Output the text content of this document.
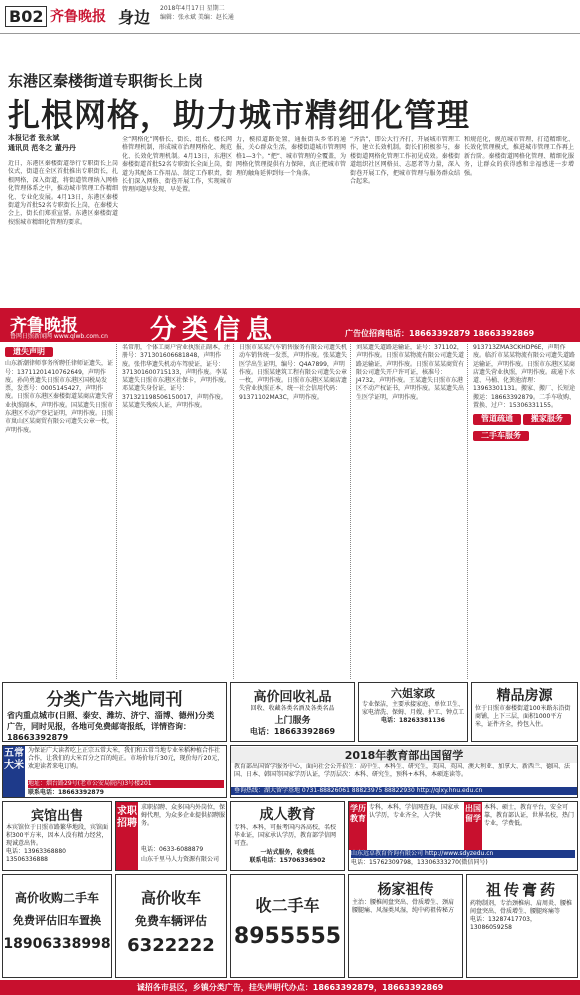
B02 齐鲁晚报 身边 2018年4月17日 星期二
编辑：张永斌 美编：赵长通
东港区秦楼街道专职街长上岗
扎根网格，助力城市精细化管理
本报记者 张永斌
通讯员 范冬之 董丹丹
近日，东港区秦楼街道举行专职街长上岗仪式，街道在全区首批推出专职街长，扎根网格，深入街道，将街道管理纳入网格化管理体系之中，推动城市管理工作精细化、专业化发展。4月13日，东港区秦楼街道为首批52名专职街长上岗，在秦楼大会上，街长们郑重宣誓。东港区秦楼街道按照城市精细化管理的要求。
全“网格化”网格长、街长、组长、楼长网格管理机制，形成城市治理网格化、规范化、长效化管理机制。4月13日，东港区秦楼街道首批52名专职街长全面上岗，街道为其配备工作用品、制定工作职责，街长们深入网格、街巷开展工作，实现城市管理问题早发现、早处置。
力，模拟道路处置，通报街头乡邻的通报，关心群众生活，秦楼街道城市管理网格1—3个。“把”、城市管理的全覆盖，为网格化管理提供有力保障，真正把城市管理的触角延伸到每一个角落。
“齐活”，即公大行齐打，开展城市管理工作，建立长效机制。街长们积极参与，秦楼街道网格化管理工作初见成效。秦楼街道组织社区网格员、志愿者等力量，深入街巷开展工作，把城市管理与服务群众结合起来。
和规范化，规范城市管理，打造精细化、长效化管理模式，推进城市管理工作再上新台阶。秦楼街道网格化管理、精细化服务，让群众的获得感和幸福感进一步增强。
齐鲁晚报
鲁网日照新闻网 www.qlwb.com.cn 分类信息	广告位招商电话：18663392879 18663392869
遗失声明

山东新潮律师事务所聘任律师证遗失，证号：13711201410762649，声明作废。孙尚勇遗失日照市东港区国税局发票，发票号：0005145427，声明作废。日照市东港区秦楼街道某商店遗失营业执照副本，声明作废。国某遗失日照市东港区不动产登记证明，声明作废。日照市岚山区某商贸有限公司遗失公章一枚，声明作废。

名常朋，个体工商户营业执照正副本，注册号：371301606681848，声明作废。张伟华遗失机动车驾驶证，证号：371301600715133，声明作废。李某某遗失日照市东港区社保卡，声明作废。邓某遗失身份证，证号：371321198506150017，声明作废。某某遗失残疾人证，声明作废。

日照市某某汽车销售服务有限公司遗失机动车销售统一发票，声明作废。张某遗失医学出生证明，编号：Q4A7899，声明作废。日照某建筑工程有限公司遗失公章一枚，声明作废。日照市东港区某商店遗失营业执照正本，统一社会信用代码：91371102MA3C，声明作废。

刘某遗失道路运输证，证号：371102，声明作废。日照市某物流有限公司遗失道路运输证，声明作废。日照市某某商贸有限公司遗失开户许可证，核准号：J4732，声明作废。王某遗失日照市东港区不动产权证书，声明作废。某某遗失出生医学证明，声明作废。

913713ZMA3CKHDP6E，声明作废。临沂市某某物流有限公司遗失道路运输证，声明作废。日照市东港区某商店遗失营业执照，声明作废。疏通下水道、马桶、化粪池清理：13963301131。搬家、搬厂、长短途搬运：18663392879。二手车收购、置换、过户：15306331155。

管道疏通 搬家服务 二手车服务
分类广告六地同刊
省内重点城市(日照、泰安、潍坊、济宁、淄博、德州)分类广告，同时见报，各地可免费邮寄报纸，详情咨询：18663392879
高价回收礼品
回收、收藏各类名酒及各类名品
上门服务
电话：18663392869
六姐家政
专业保洁，主要承接家庭、单位卫生、家电清洗、保姆、月嫂、护工、钟点工
电话：18263381136
精品房源
位于日照市秦楼街道100米路东沿街商铺，上下三层，面积1000平方米，证件齐全，拎包入住。
五常大米
为保证广大读者吃上正宗五常大米，我们和五常当地专业米稻种植合作社合作，让我们的大米百分之百的纯正。市场价每斤30元，现价每斤20元，欢迎读者来电订购。
地址：烟台路29号(老市公安局院内)3号楼201
联系电话：18663392879
2018年教育部出国留学
教育部出国留学服务中心，面向社会公开招生：高中生、本科生、研究生，美国、英国、澳大利亚、加拿大、新西兰、德国、法国、日本、韩国等国家学历认证，学历层次：本科、研究生，预科+本科，本硕连读等。
垂询热线：湖大留学基地 0731-88826061 88823975 88822930 http://qlxy.hnu.edu.cn
宾馆出售
本宾馆位于日照市路繁华地段，宾馆面积300平方米，因本人没有精力经营，现诚意出售。
电话：13963368880 13506336888
求职招聘
求职招聘、众多国内外岗位，保姆代理，为众多企业提供招聘服务。
电话：0633-6088879
山东千里马人力资源有限公司
成人教育
专科、本科，可报考国内各高校，名校毕业证，国家承认学历，教育部学信网可查。
一站式服务，收费低
联系电话：15706336902
学历教育
专科，本科，学信网查询，国家承认学历，专业齐全，入学快
出国留学
本科、硕士，教育平台，安全可靠，教育部认证，世界名校，热门专业，学费低。
山东远卓教育咨询有限公司 http://www.sdyzedu.cn
电话：15762309798，13306333270(微信同号)
高价收购二手车
免费评估旧车置换
18906338998
高价收车
免费车辆评估
6322222
收二手车
8955555
杨家祖传
主治：腰椎间盘突出、骨质增生、颈肩腰腿痛、风湿类风湿，纯中药祖传秘方
祖传膏药
药物制剂，专治颈椎病、肩周炎、腰椎间盘突出、骨质增生、腰腿疼痛等
电话：13287417703，13086059258
诚招各市县区，乡镇分类广告，挂失声明代办点：18663392879，18663392869
